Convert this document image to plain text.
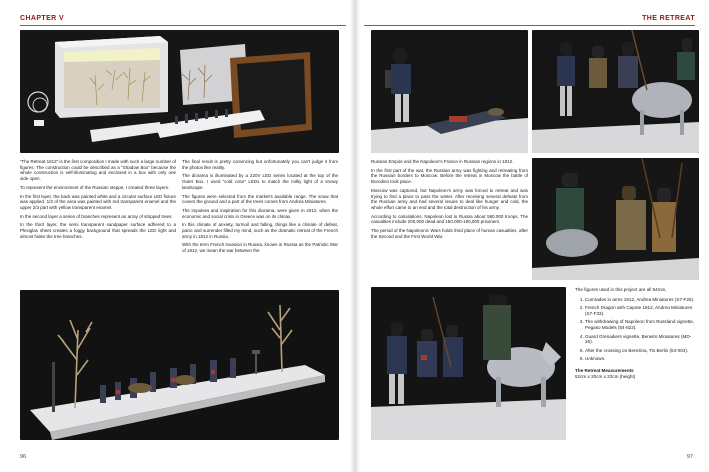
CHAPTER V

“The Retreat 1812” is the first composition I made with such a large number of figures. The construction could be described as a “Shadow Box” because the whole construction is self-illuminating and enclosed in a box with only one side open.

To represent the environment of the Russian steppe, I created three layers.

In the first layer, the back was painted white and a circular surface LED fixture was applied. 1/3 of the area was painted with red transparent enamel and the upper 2/3 part with yellow transparent enamel.

In the second layer a series of branches represent an array of stripped trees.

In the third layer, the semi transparent sandpaper surface adhered to a Plexiglas sheet creates a foggy background that spreads the LED light and almost hides the tree branches.

The final result is pretty convincing but unfortunately you can't judge it from the photos like reality.

The diorama is illuminated by a 220V LED series located at the top of the Outer Box. I used “cold color” LEDs to match the milky light of a snowy landscape.

The figures were selected from the market's available range. The snow that covers the ground and a part of the trees comes from Andrea Miniatures.

The impulses and inspiration for this diorama, were given in 2012, when the economic and social crisis in Greece was on its climax.

In this climate of anxiety, turmoil and falling, things like a climate of defeat, panic and surrender filled my mind, such as the dramatic retreat of the French army in 1812 in Russia.

With the term French invasion in Russia, known in Russia as the Patriotic War of 1812, we mean the war between the

96
THE RETREAT

Russian Empire and the Napoleon's France in Russian regions in 1812.

In the first part of the war, the Russian army was fighting and retreating from the Russian borders to Moscow. Before the retreat in Moscow the battle of Borodino took place.

Moscow was captured, but Napoleon's army was forced to retreat and was trying to find a place to pass the winter. After receiving several defeats from the Russian army and had several issues to deal like hunger and cold, the whole effort came to an end and the total destruction of his army.

According to calculations, Napoleon lost in Russia about 580.000 troops. The casualties include 200,000 dead and 150.000-190,000 prisoners.

The period of the Napoleonic Wars holds third place of human casualties, after the Second and the First World War.

The figures used in this project are all 54mm,
1. Comrades in arms 1812, Andrea Miniatures (S7-F26).
2. French Dragon with Capote 1812, Andrea Miniatures (S7-F33).
3. The withdrawing of Napoleon from Russland vignette, Pegaso Models (54-822).
4. Guard Grenadiers vignette, Beneito Miniatures (MD-26).
5. After the crossing on Berezina, Tin Berlin (54-004).
6. Unknown.
The Retreat Measurements
52cm x 20cm x 22cm (height)
97
